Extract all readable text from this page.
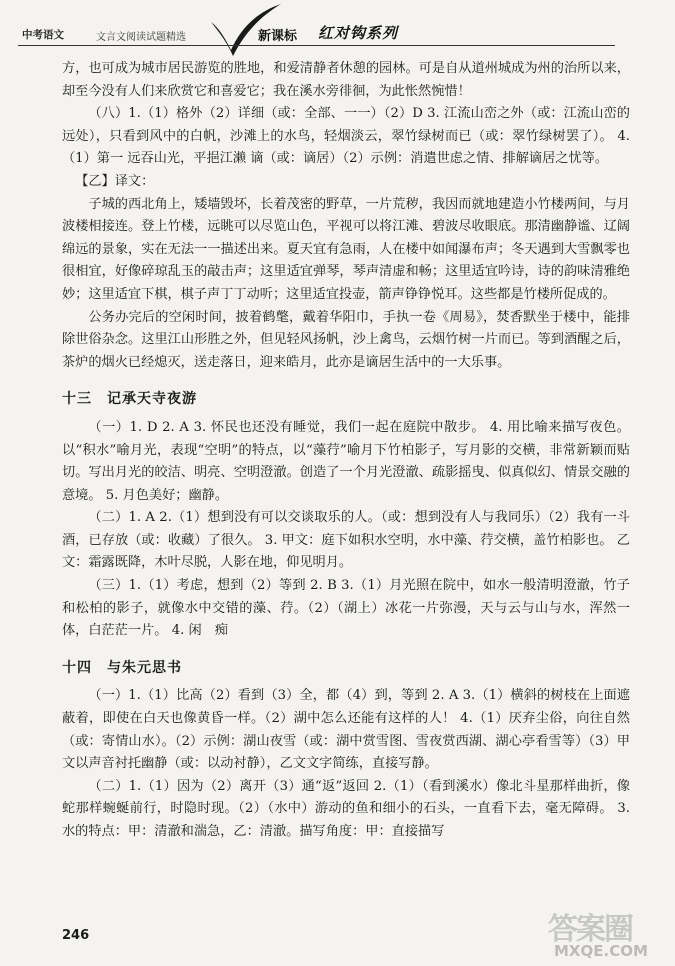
中考语文	文言文阅读试题精选	新课标 红对钩系列

方，也可成为城市居民游览的胜地，和爱清静者休憩的园林。可是自从道州城成为州的治所以来，却至今没有人们来欣赏它和喜爱它；我在溪水旁徘徊，为此怅然惋惜！

（八）1.（1）格外（2）详细（或：全部、一一）（2）D 3. 江流山峦之外（或：江流山峦的远处），只看到风中的白帆，沙滩上的水鸟，轻烟淡云，翠竹绿树而已（或：翠竹绿树罢了）。 4.（1）第一 远吞山光，平挹江濑 谪（或：谪居）（2）示例：消遣世虑之情、排解谪居之忧等。

【乙】译文：

子城的西北角上，矮墙毁坏，长着茂密的野草，一片荒秽，我因而就地建造小竹楼两间，与月波楼相接连。登上竹楼，远眺可以尽览山色，平视可以将江滩、碧波尽收眼底。那清幽静谧、辽阔绵远的景象，实在无法一一描述出来。夏天宜有急雨，人在楼中如闻瀑布声；冬天遇到大雪飘零也很相宜，好像碎琼乱玉的敲击声；这里适宜弹琴，琴声清虚和畅；这里适宜吟诗，诗的韵味清雅绝妙；这里适宜下棋，棋子声丁丁动听；这里适宜投壶，箭声铮铮悦耳。这些都是竹楼所促成的。

公务办完后的空闲时间，披着鹤氅，戴着华阳巾，手执一卷《周易》，焚香默坐于楼中，能排除世俗杂念。这里江山形胜之外，但见轻风扬帆，沙上禽鸟，云烟竹树一片而已。等到酒醒之后，茶炉的烟火已经熄灭，送走落日，迎来皓月，此亦是谪居生活中的一大乐事。

十三　记承天寺夜游

（一）1. D 2. A 3. 怀民也还没有睡觉，我们一起在庭院中散步。 4. 用比喻来描写夜色。以“积水”喻月光，表现“空明”的特点，以“藻荇”喻月下竹柏影子，写月影的交横，非常新颖而贴切。写出月光的皎洁、明亮、空明澄澈。创造了一个月光澄澈、疏影摇曳、似真似幻、情景交融的意境。 5. 月色美好；幽静。

（二）1. A 2.（1）想到没有可以交谈取乐的人。（或：想到没有人与我同乐）（2）我有一斗酒，已存放（或：收藏）了很久。 3. 甲文：庭下如积水空明，水中藻、荇交横，盖竹柏影也。 乙文：霜露既降，木叶尽脱，人影在地，仰见明月。

（三）1.（1）考虑，想到（2）等到 2. B 3.（1）月光照在院中，如水一般清明澄澈，竹子和松柏的影子，就像水中交错的藻、荇。（2）（湖上）冰花一片弥漫，天与云与山与水，浑然一体，白茫茫一片。 4. 闲　痴

十四　与朱元思书

（一）1.（1）比高（2）看到（3）全，都（4）到，等到 2. A 3.（1）横斜的树枝在上面遮蔽着，即使在白天也像黄昏一样。（2）湖中怎么还能有这样的人！ 4.（1）厌弃尘俗，向往自然（或：寄情山水）。（2）示例：湖山夜雪（或：湖中赏雪图、雪夜赏西湖、湖心亭看雪等）（3）甲文以声音衬托幽静（或：以动衬静），乙文文字简练，直接写静。

（二）1.（1）因为（2）离开（3）通“返”返回 2.（1）（看到溪水）像北斗星那样曲折，像蛇那样蜿蜒前行，时隐时现。（2）（水中）游动的鱼和细小的石头，一直看下去，毫无障碍。 3. 水的特点：甲：清澈和湍急，乙：清澈。描写角度：甲：直接描写

246	答案圈
MXQE.COM
